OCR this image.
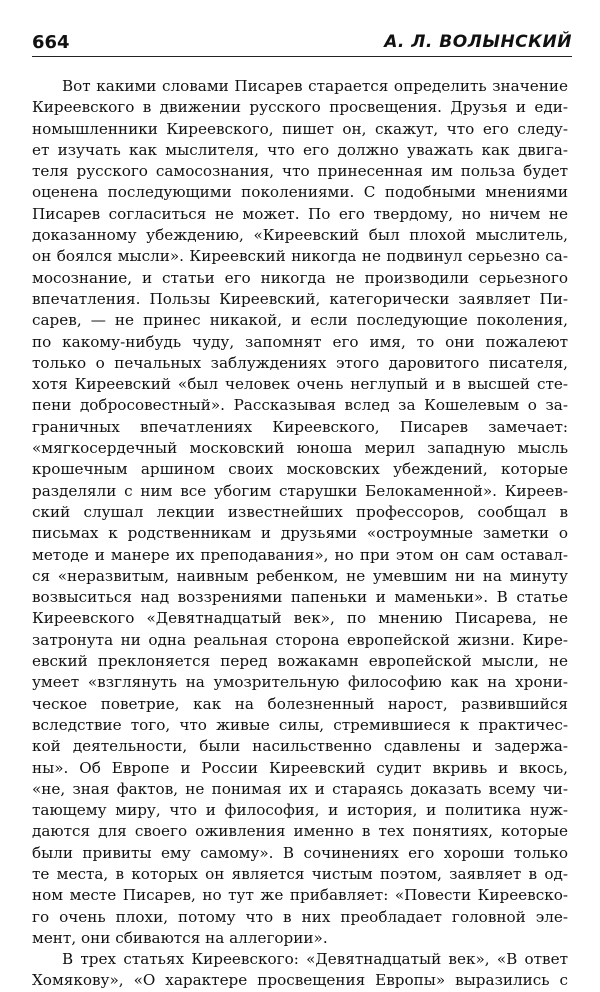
664	А. Л. ВОЛЫНСКИЙ
Вот какими словами Писарев старается определить значение
Киреевского в движении русского просвещения. Друзья и еди-
номышленники Киреевского, пишет он, скажут, что его следу-
ет изучать как мыслителя, что его должно уважать как двига-
теля русского самосознания, что принесенная им польза будет
оценена последующими поколениями. С подобными мнениями
Писарев согласиться не может. По его твердому, но ничем не
доказанному убеждению, «Киреевский был плохой мыслитель,
он боялся мысли». Киреевский никогда не подвинул серьезно са-
мосознание, и статьи его никогда не производили серьезного
впечатления. Пользы Киреевский, категорически заявляет Пи-
сарев, — не принес никакой, и если последующие поколения,
по какому-нибудь чуду, запомнят его имя, то они пожалеют
только о печальных заблуждениях этого даровитого писателя,
хотя Киреевский «был человек очень неглупый и в высшей сте-
пени добросовестный». Рассказывая вслед за Кошелевым о за-
граничных впечатлениях Киреевского, Писарев замечает:
«мягкосердечный московский юноша мерил западную мысль
крошечным аршином своих московских убеждений, которые
разделяли с ним все убогим старушки Белокаменной». Киреев-
ский слушал лекции известнейших профессоров, сообщал в
письмах к родственникам и друзьями «остроумные заметки о
методе и манере их преподавания», но при этом он сам оставал-
ся «неразвитым, наивным ребенком, не умевшим ни на минуту
возвыситься над воззрениями папеньки и маменьки». В статье
Киреевского «Девятнадцатый век», по мнению Писарева, не
затронута ни одна реальная сторона европейской жизни. Кире-
евский преклоняется перед вожакамн европейской мысли, не
умеет «взглянуть на умозрительную философию как на хрони-
ческое поветрие, как на болезненный нарост, развившийся
вследствие того, что живые силы, стремившиеся к практичес-
кой деятельности, были насильственно сдавлены и задержа-
ны». Об Европе и России Киреевский судит вкривь и вкось,
«не, зная фактов, не понимая их и стараясь доказать всему чи-
тающему миру, что и философия, и история, и политика нуж-
даются для своего оживления именно в тех понятиях, которые
были привиты ему самому». В сочинениях его хороши только
те места, в которых он является чистым поэтом, заявляет в од-
ном месте Писарев, но тут же прибавляет: «Повести Киреевско-
го очень плохи, потому что в них преобладает головной эле-
мент, они сбиваются на аллегории».
В трех статьях Киреевского: «Девятнадцатый век», «В ответ
Хомякову», «О характере просвещения Европы» выразились с
